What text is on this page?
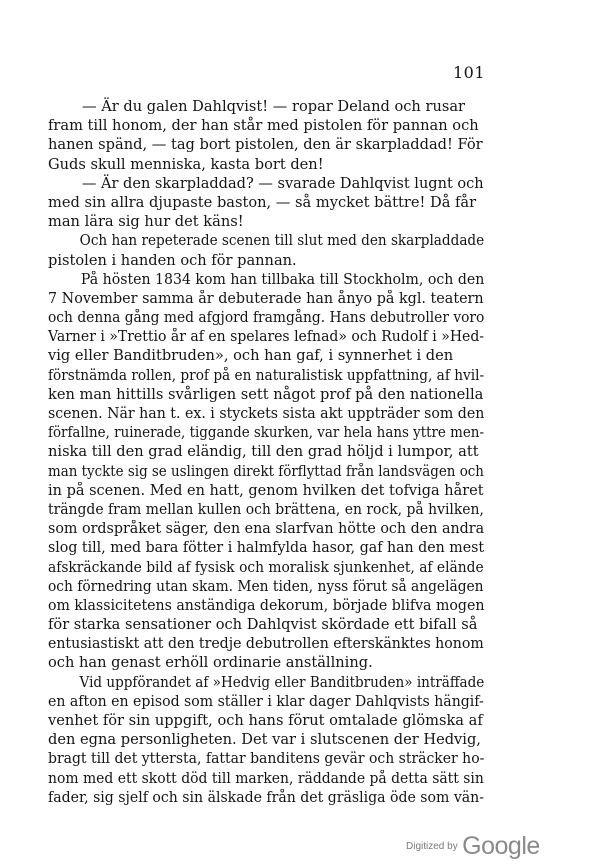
101
— Är du galen Dahlqvist! — ropar Deland och rusar
fram till honom, der han står med pistolen för pannan och
hanen spänd, — tag bort pistolen, den är skarpladdad! För
Guds skull menniska, kasta bort den!
— Är den skarpladdad? — svarade Dahlqvist lugnt och
med sin allra djupaste baston, — så mycket bättre! Då får
man lära sig hur det käns!
Och han repeterade scenen till slut med den skarpladdade
pistolen i handen och för pannan.
På hösten 1834 kom han tillbaka till Stockholm, och den
7 November samma år debuterade han ånyo på kgl. teatern
och denna gång med afgjord framgång. Hans debutroller voro
Varner i »Trettio år af en spelares lefnad» och Rudolf i »Hed-
vig eller Banditbruden», och han gaf, i synnerhet i den
förstnämda rollen, prof på en naturalistisk uppfattning, af hvil-
ken man hittills svårligen sett något prof på den nationella
scenen. När han t. ex. i styckets sista akt uppträder som den
förfallne, ruinerade, tiggande skurken, var hela hans yttre men-
niska till den grad eländig, till den grad höljd i lumpor, att
man tyckte sig se uslingen direkt förflyttad från landsvägen och
in på scenen. Med en hatt, genom hvilken det tofviga håret
trängde fram mellan kullen och brättena, en rock, på hvilken,
som ordspråket säger, den ena slarfvan hötte och den andra
slog till, med bara fötter i halmfylda hasor, gaf han den mest
afskräckande bild af fysisk och moralisk sjunkenhet, af elände
och förnedring utan skam. Men tiden, nyss förut så angelägen
om klassicitetens anständiga dekorum, började blifva mogen
för starka sensationer och Dahlqvist skördade ett bifall så
entusiastiskt att den tredje debutrollen efterskänktes honom
och han genast erhöll ordinarie anställning.
Vid uppförandet af »Hedvig eller Banditbruden» inträffade
en afton en episod som ställer i klar dager Dahlqvists hängif-
venhet för sin uppgift, och hans förut omtalade glömska af
den egna personligheten. Det var i slutscenen der Hedvig,
bragt till det yttersta, fattar banditens gevär och sträcker ho-
nom med ett skott död till marken, räddande på detta sätt sin
fader, sig sjelf och sin älskade från det gräsliga öde som vän-
Digitized by Google
